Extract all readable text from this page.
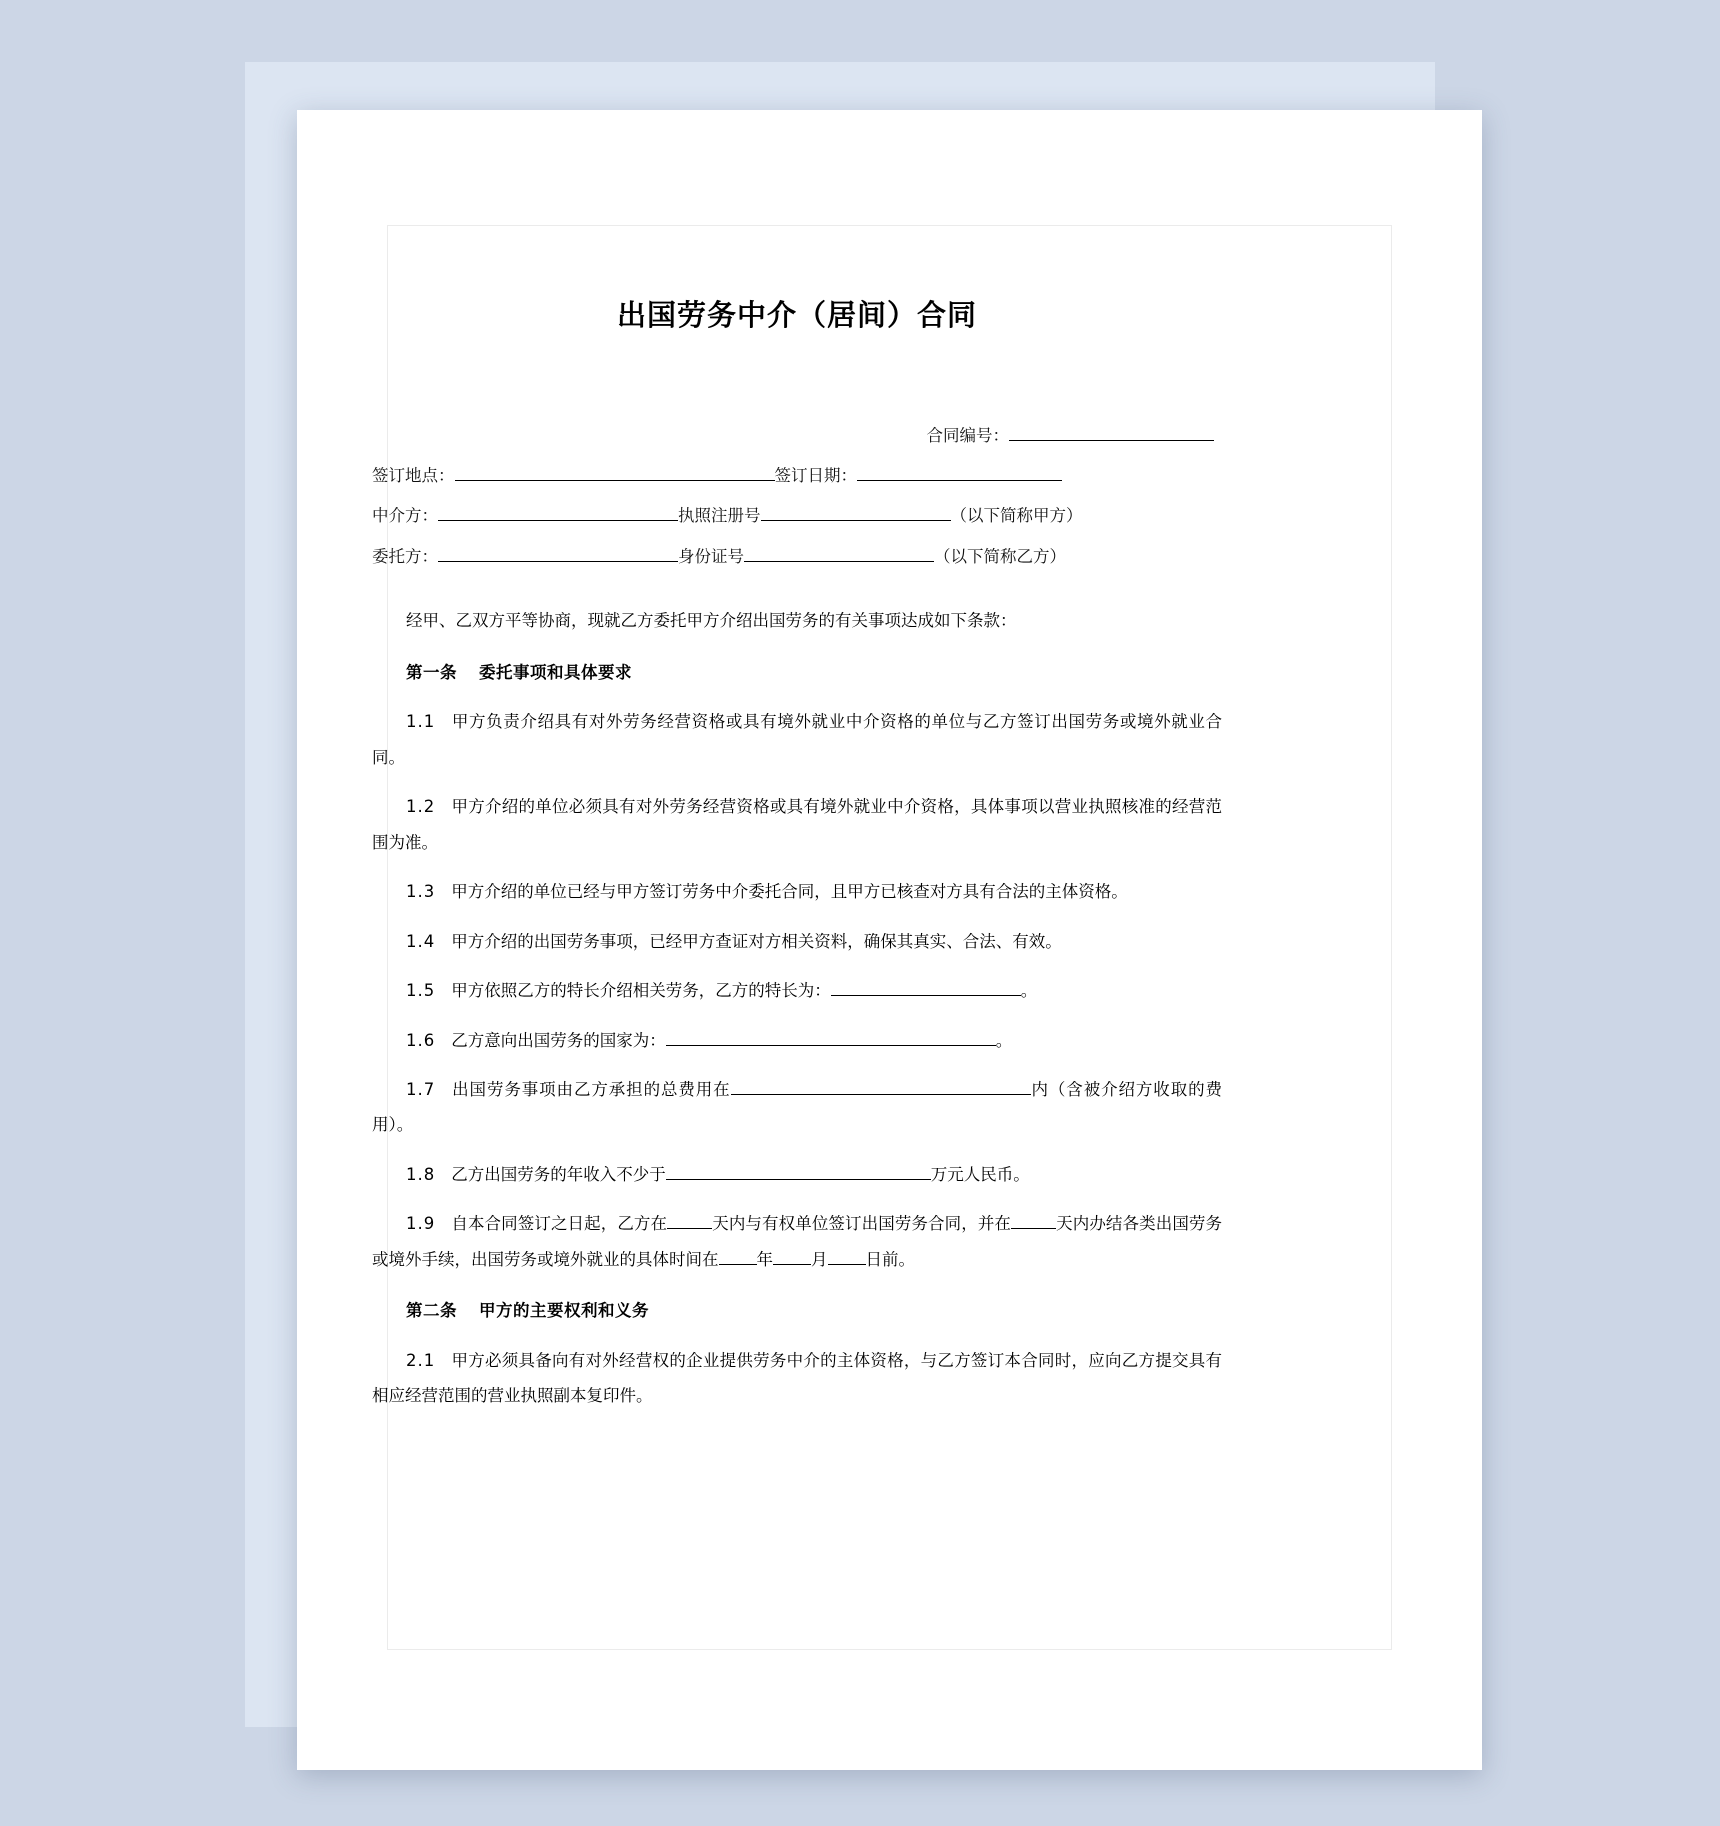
出国劳务中介（居间）合同
合同编号：
签订地点：	签订日期：
中介方：	执照注册号	（以下简称甲方）
委托方：	身份证号	（以下简称乙方）

经甲、乙双方平等协商，现就乙方委托甲方介绍出国劳务的有关事项达成如下条款：

第一条 委托事项和具体要求

1.1 甲方负责介绍具有对外劳务经营资格或具有境外就业中介资格的单位与乙方签订出国劳务或境外就业合同。

1.2 甲方介绍的单位必须具有对外劳务经营资格或具有境外就业中介资格，具体事项以营业执照核准的经营范围为准。

1.3 甲方介绍的单位已经与甲方签订劳务中介委托合同，且甲方已核查对方具有合法的主体资格。

1.4 甲方介绍的出国劳务事项，已经甲方查证对方相关资料，确保其真实、合法、有效。

1.5 甲方依照乙方的特长介绍相关劳务，乙方的特长为：	。

1.6 乙方意向出国劳务的国家为：	。

1.7 出国劳务事项由乙方承担的总费用在	内（含被介绍方收取的费用）。

1.8 乙方出国劳务的年收入不少于	万元人民币。

1.9 自本合同签订之日起，乙方在	天内与有权单位签订出国劳务合同，并在	天内办结各类出国劳务或境外手续，出国劳务或境外就业的具体时间在 年 月 日前。

第二条 甲方的主要权利和义务

2.1 甲方必须具备向有对外经营权的企业提供劳务中介的主体资格，与乙方签订本合同时，应向乙方提交具有相应经营范围的营业执照副本复印件。
